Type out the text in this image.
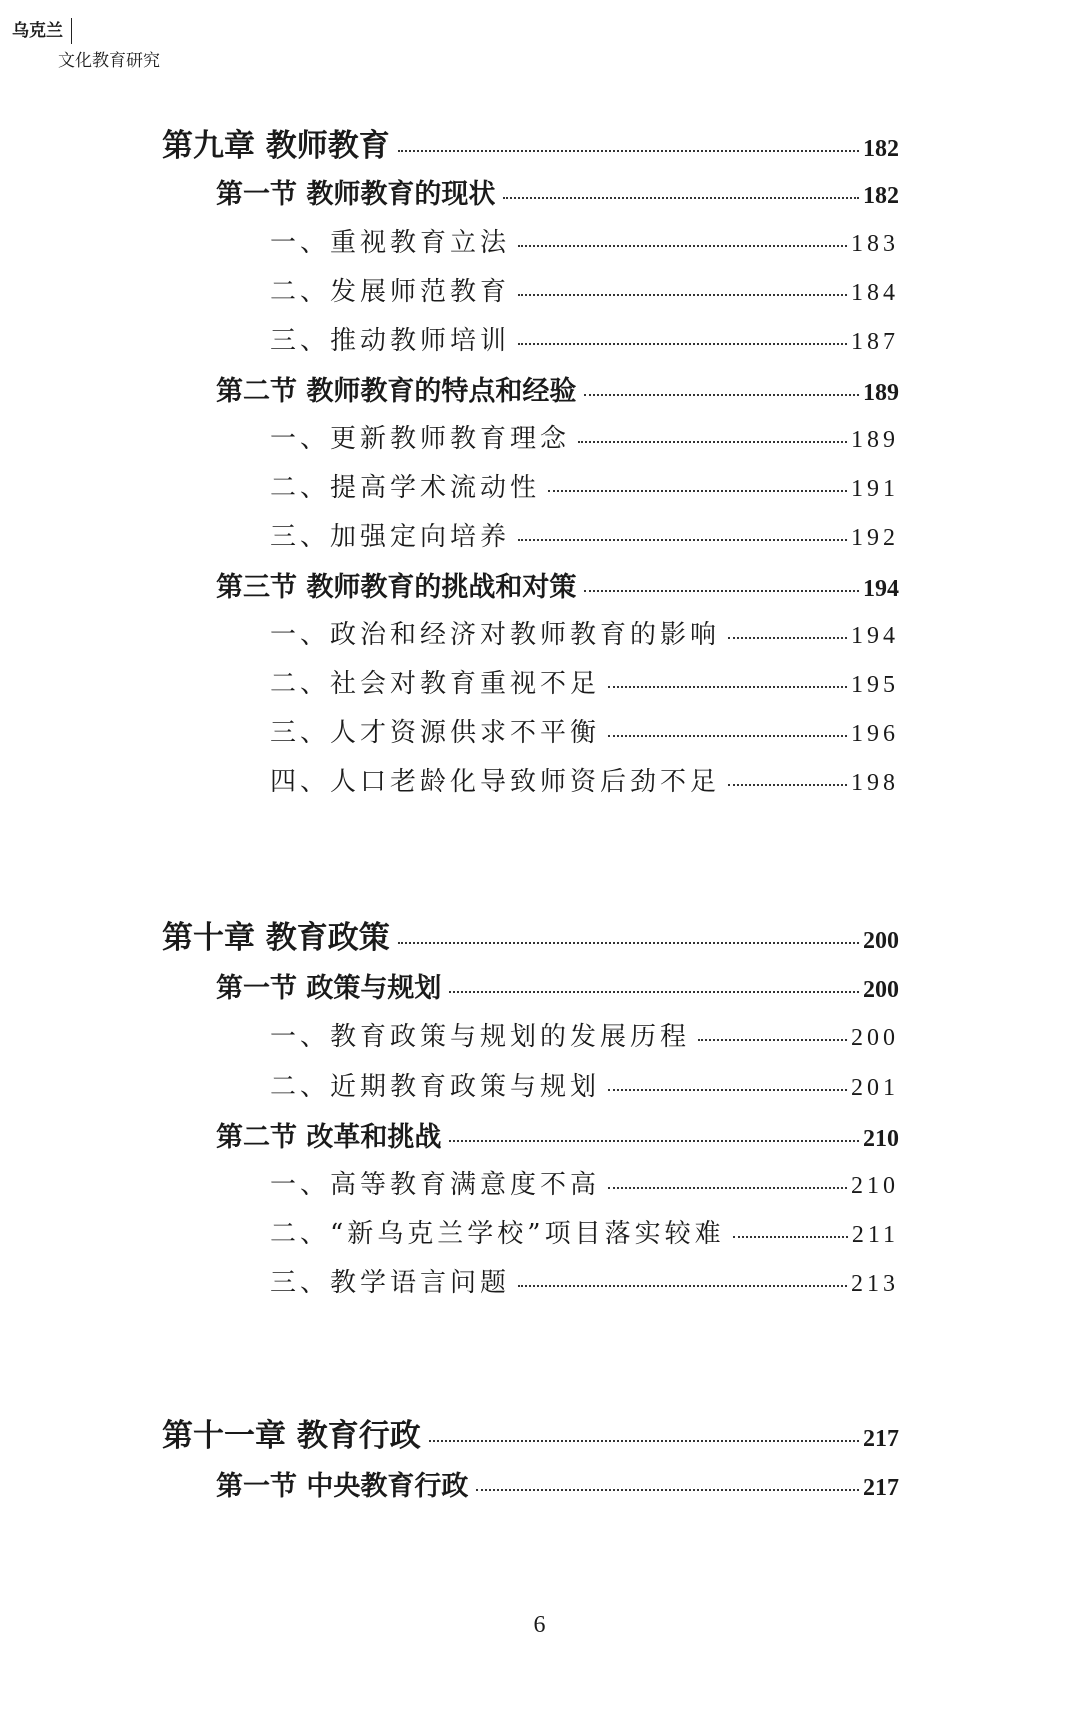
乌克兰
文化教育研究
第九章 教师教育	182
第一节 教师教育的现状	182
一、重视教育立法	183
二、发展师范教育	184
三、推动教师培训	187
第二节 教师教育的特点和经验	189
一、更新教师教育理念	189
二、提高学术流动性	191
三、加强定向培养	192
第三节 教师教育的挑战和对策	194
一、政治和经济对教师教育的影响	194
二、社会对教育重视不足	195
三、人才资源供求不平衡	196
四、人口老龄化导致师资后劲不足	198
第十章 教育政策	200
第一节 政策与规划	200
一、教育政策与规划的发展历程	200
二、近期教育政策与规划	201
第二节 改革和挑战	210
一、高等教育满意度不高	210
二、“新乌克兰学校”项目落实较难	211
三、教学语言问题	213
第十一章 教育行政	217
第一节 中央教育行政	217
6
